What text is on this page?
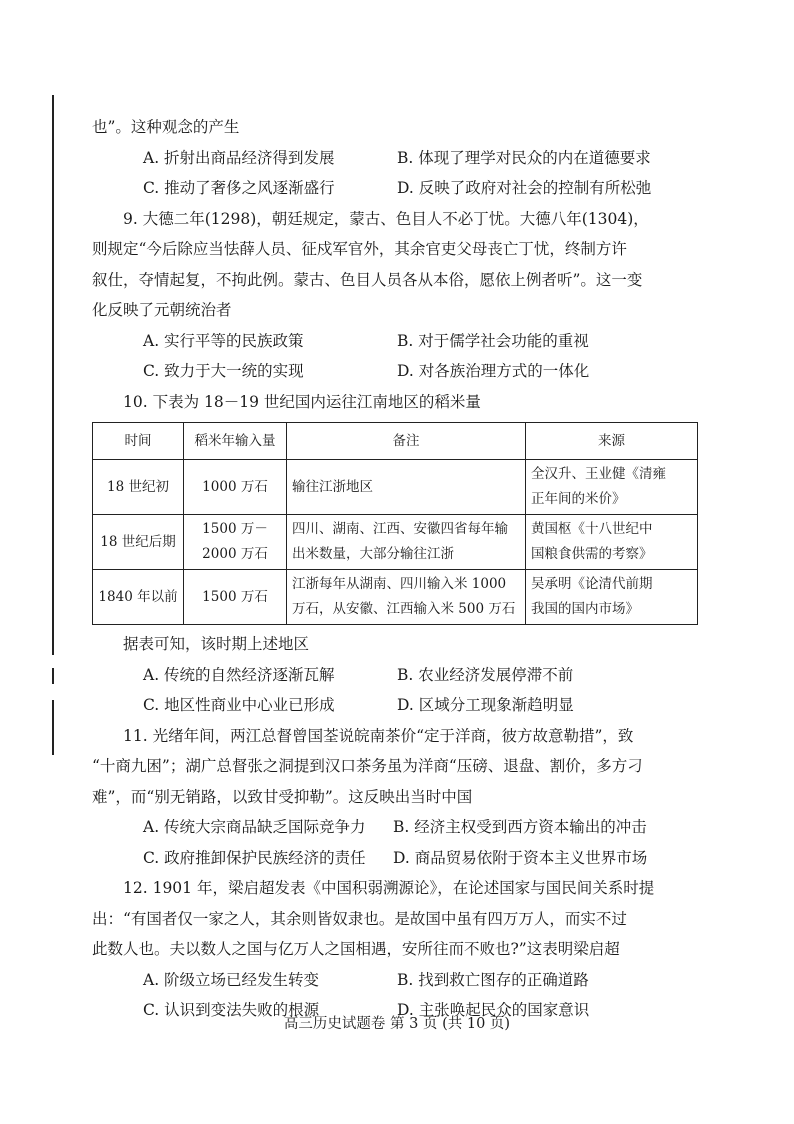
也”。这种观念的产生

A. 折射出商品经济得到发展	B. 体现了理学对民众的内在道德要求
C. 推动了奢侈之风逐渐盛行	D. 反映了政府对社会的控制有所松弛

9. 大德二年(1298)，朝廷规定，蒙古、色目人不必丁忧。大德八年(1304)，

则规定“今后除应当怯薛人员、征戍军官外，其余官吏父母丧亡丁忧，终制方许

叙仕，夺情起复，不拘此例。蒙古、色目人员各从本俗，愿依上例者听”。这一变

化反映了元朝统治者

A. 实行平等的民族政策	B. 对于儒学社会功能的重视
C. 致力于大一统的实现	D. 对各族治理方式的一体化

10. 下表为 18－19 世纪国内运往江南地区的稻米量

时间	稻米年输入量	备注	来源
18 世纪初	1000 万石	输往江浙地区	全汉升、王业健《清雍
正年间的米价》
18 世纪后期	1500 万－
2000 万石	四川、湖南、江西、安徽四省每年输
出米数量，大部分输往江浙	黄国枢《十八世纪中
国粮食供需的考察》
1840 年以前	1500 万石	江浙每年从湖南、四川输入米 1000
万石，从安徽、江西输入米 500 万石	吴承明《论清代前期
我国的国内市场》

据表可知，该时期上述地区

A. 传统的自然经济逐渐瓦解	B. 农业经济发展停滞不前
C. 地区性商业中心业已形成	D. 区域分工现象渐趋明显

11. 光绪年间，两江总督曾国荃说皖南茶价“定于洋商，彼方故意勒措”，致

“十商九困”；湖广总督张之洞提到汉口茶务虽为洋商“压磅、退盘、割价，多方刁

难”，而“别无销路，以致甘受抑勒”。这反映出当时中国

A. 传统大宗商品缺乏国际竞争力	B. 经济主权受到西方资本输出的冲击
C. 政府推卸保护民族经济的责任	D. 商品贸易依附于资本主义世界市场

12. 1901 年，梁启超发表《中国积弱溯源论》，在论述国家与国民间关系时提

出：“有国者仅一家之人，其余则皆奴隶也。是故国中虽有四万万人，而实不过

此数人也。夫以数人之国与亿万人之国相遇，安所往而不败也?”这表明梁启超

A. 阶级立场已经发生转变	B. 找到救亡图存的正确道路
C. 认识到变法失败的根源	D. 主张唤起民众的国家意识
高三历史试题卷 第 3 页 (共 10 页)
